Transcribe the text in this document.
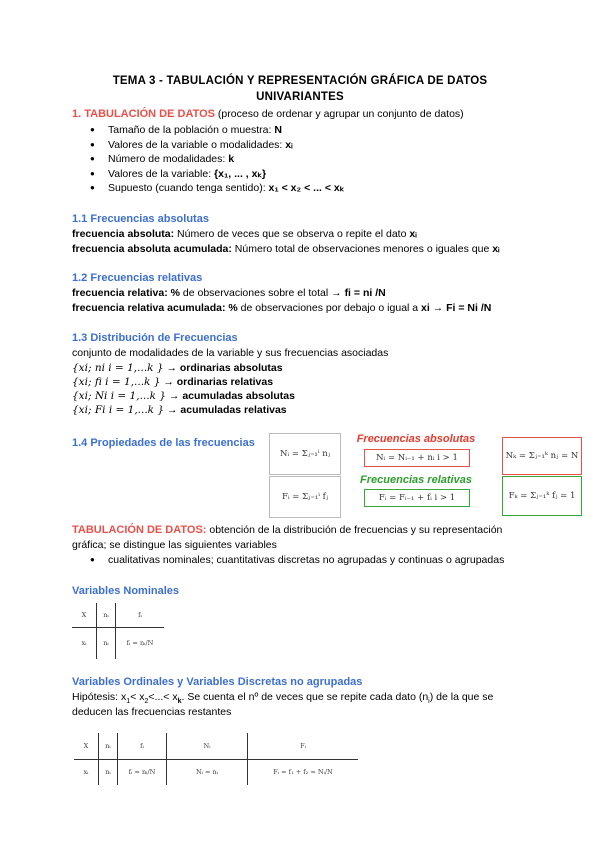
TEMA 3 - TABULACIÓN Y REPRESENTACIÓN GRÁFICA DE DATOS
UNIVARIANTES
1. TABULACIÓN DE DATOS (proceso de ordenar y agrupar un conjunto de datos)
● Tamaño de la población o muestra: N
● Valores de la variable o modalidades: xᵢ
● Número de modalidades: k
● Valores de la variable: {x₁, ... , xₖ}
● Supuesto (cuando tenga sentido): x₁ < x₂ < ... < xₖ
1.1 Frecuencias absolutas
frecuencia absoluta: Número de veces que se observa o repite el dato xᵢ
frecuencia absoluta acumulada: Número total de observaciones menores o iguales que xᵢ
1.2 Frecuencias relativas
frecuencia relativa: % de observaciones sobre el total → fi = ni /N
frecuencia relativa acumulada: % de observaciones por debajo o igual a xi → Fi = Ni /N
1.3 Distribución de Frecuencias
conjunto de modalidades de la variable y sus frecuencias asociadas
{xi; ni i = 1,...k } → ordinarias absolutas
{xi; fi i = 1,...k } → ordinarias relativas
{xi; Ni i = 1,...k } → acumuladas absolutas
{xi; Fi i = 1,...k } → acumuladas relativas
1.4 Propiedades de las frecuencias
Nᵢ = Σⱼ₌₁ⁱ nⱼ
Frecuencias absolutas
Nᵢ = Nᵢ₋₁ + nᵢ i > 1	Nₖ = Σⱼ₌₁ᵏ nⱼ = N
Fᵢ = Σⱼ₌₁ⁱ fⱼ
Frecuencias relativas
Fᵢ = Fᵢ₋₁ + fᵢ i > 1	Fₖ = Σⱼ₌₁ᵏ fⱼ = 1
TABULACIÓN DE DATOS: obtención de la distribución de frecuencias y su representación
gráfica; se distingue las siguientes variables
● cualitativas nominales; cuantitativas discretas no agrupadas y continuas o agrupadas
Variables Nominales
X	nᵢ	fᵢ
xᵢ	nᵢ	fᵢ = nᵢ/N
Variables Ordinales y Variables Discretas no agrupadas
Hipótesis: $x_1< x_2<...< x_k$. Se cuenta el nº de veces que se repite cada dato $(n_i)$ de la que se
deducen las frecuencias restantes
X	nᵢ	fᵢ	Nᵢ	Fᵢ
xᵢ	nᵢ	fᵢ = nᵢ/N	Nᵢ = nᵢ	Fᵢ = f₁ + f₂ = Nᵢ/N
